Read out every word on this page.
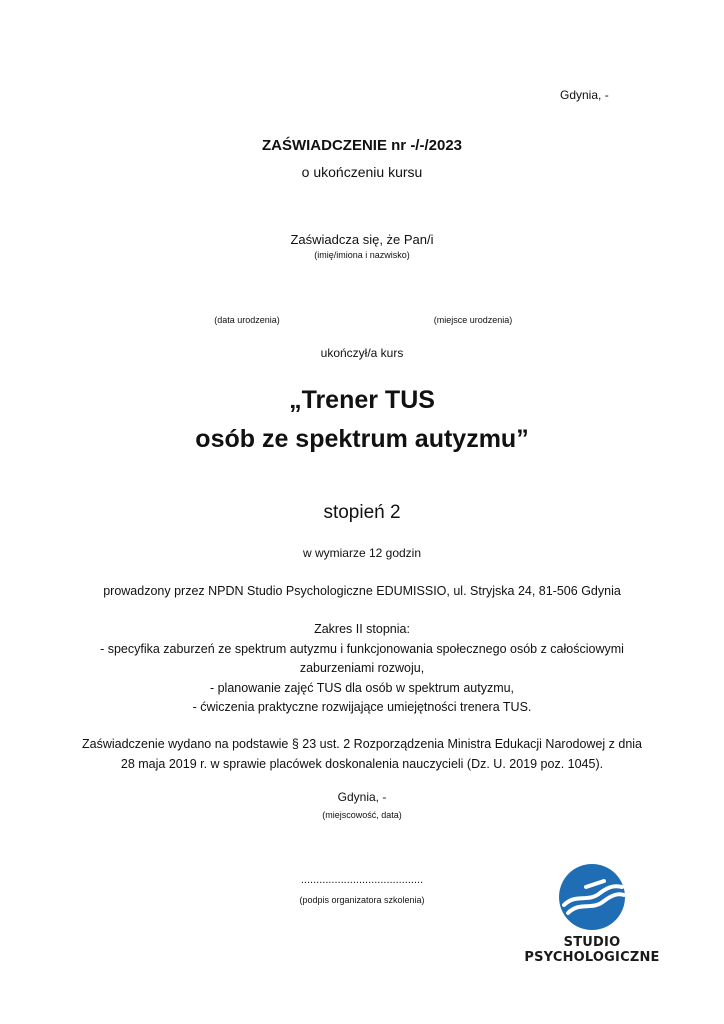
Gdynia, -
ZAŚWIADCZENIE nr -/-/2023
o ukończeniu kursu
Zaświadcza się, że Pan/i
(imię/imiona i nazwisko)
(data urodzenia)	(miejsce urodzenia)
ukończył/a kurs
„Trener TUS
osób ze spektrum autyzmu”
stopień 2
w wymiarze 12 godzin
prowadzony przez NPDN Studio Psychologiczne EDUMISSIO, ul. Stryjska 24, 81-506 Gdynia
Zakres II stopnia:
- specyfika zaburzeń ze spektrum autyzmu i funkcjonowania społecznego osób z całościowymi
zaburzeniami rozwoju,
- planowanie zajęć TUS dla osób w spektrum autyzmu,
- ćwiczenia praktyczne rozwijające umiejętności trenera TUS.
Zaświadczenie wydano na podstawie § 23 ust. 2 Rozporządzenia Ministra Edukacji Narodowej z dnia
28 maja 2019 r. w sprawie placówek doskonalenia nauczycieli (Dz. U. 2019 poz. 1045).
Gdynia, -
(miejscowość, data)
........................................
(podpis organizatora szkolenia)
STUDIO
PSYCHOLOGICZNE
